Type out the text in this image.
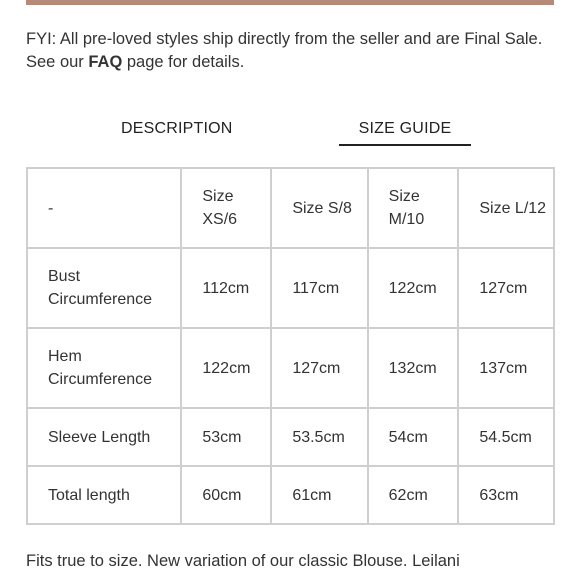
FYI: All pre-loved styles ship directly from the seller and are Final Sale. See our FAQ page for details.
DESCRIPTION	SIZE GUIDE
-	Size XS/6	Size S/8	Size M/10	Size L/12
Bust Circumference	112cm	117cm	122cm	127cm
Hem Circumference	122cm	127cm	132cm	137cm
Sleeve Length	53cm	53.5cm	54cm	54.5cm
Total length	60cm	61cm	62cm	63cm
Fits true to size. New variation of our classic Blouse. Leilani
